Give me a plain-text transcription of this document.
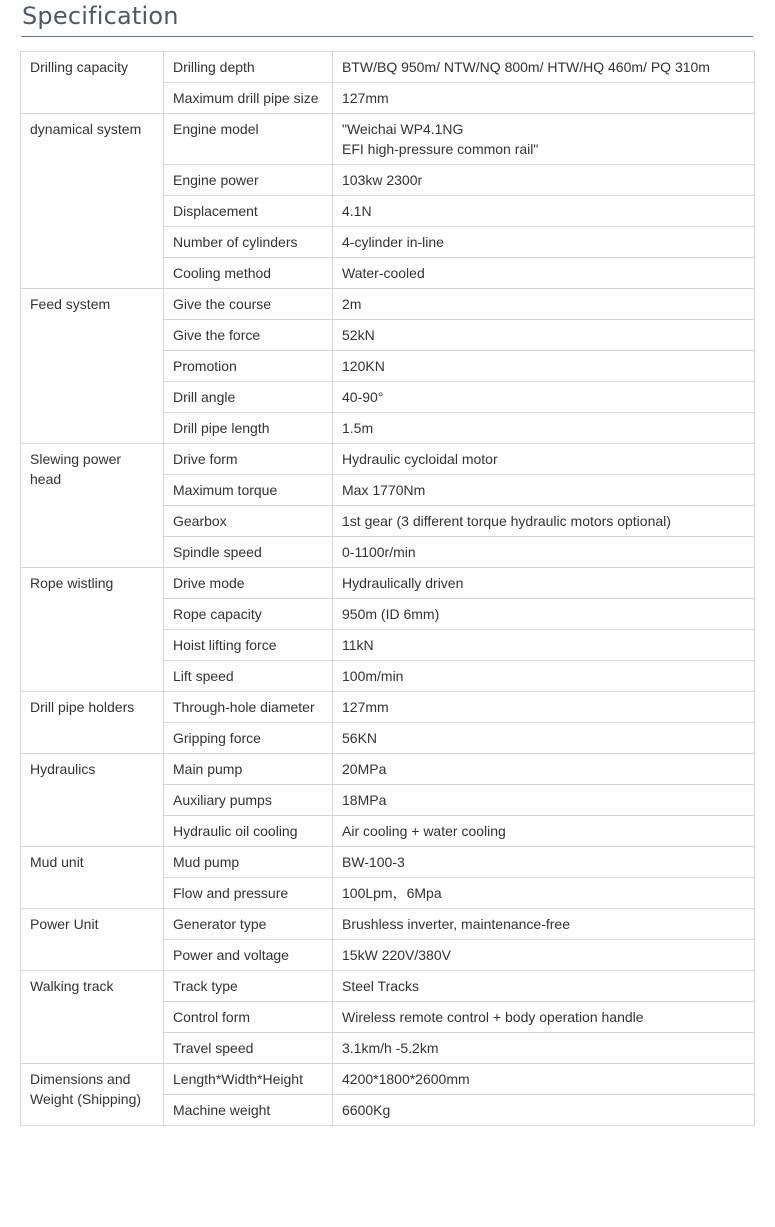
Specification
Drilling capacity	Drilling depth	BTW/BQ 950m/ NTW/NQ 800m/ HTW/HQ 460m/ PQ 310m
	Maximum drill pipe size	127mm
dynamical system	Engine model	"Weichai WP4.1NG
EFI high-pressure common rail"
	Engine power	103kw 2300r
	Displacement	4.1N
	Number of cylinders	4-cylinder in-line
	Cooling method	Water-cooled
Feed system	Give the course	2m
	Give the force	52kN
	Promotion	120KN
	Drill angle	40-90°
	Drill pipe length	1.5m
Slewing power head	Drive form	Hydraulic cycloidal motor
	Maximum torque	Max 1770Nm
	Gearbox	1st gear (3 different torque hydraulic motors optional)
	Spindle speed	0-1100r/min
Rope wistling	Drive mode	Hydraulically driven
	Rope capacity	950m (ID 6mm)
	Hoist lifting force	11kN
	Lift speed	100m/min
Drill pipe holders	Through-hole diameter	127mm
	Gripping force	56KN
Hydraulics	Main pump	20MPa
	Auxiliary pumps	18MPa
	Hydraulic oil cooling	Air cooling + water cooling
Mud unit	Mud pump	BW-100-3
	Flow and pressure	100Lpm，6Mpa
Power Unit	Generator type	Brushless inverter, maintenance-free
	Power and voltage	15kW 220V/380V
Walking track	Track type	Steel Tracks
	Control form	Wireless remote control + body operation handle
	Travel speed	3.1km/h -5.2km
Dimensions and Weight (Shipping)	Length*Width*Height	4200*1800*2600mm
	Machine weight	6600Kg
